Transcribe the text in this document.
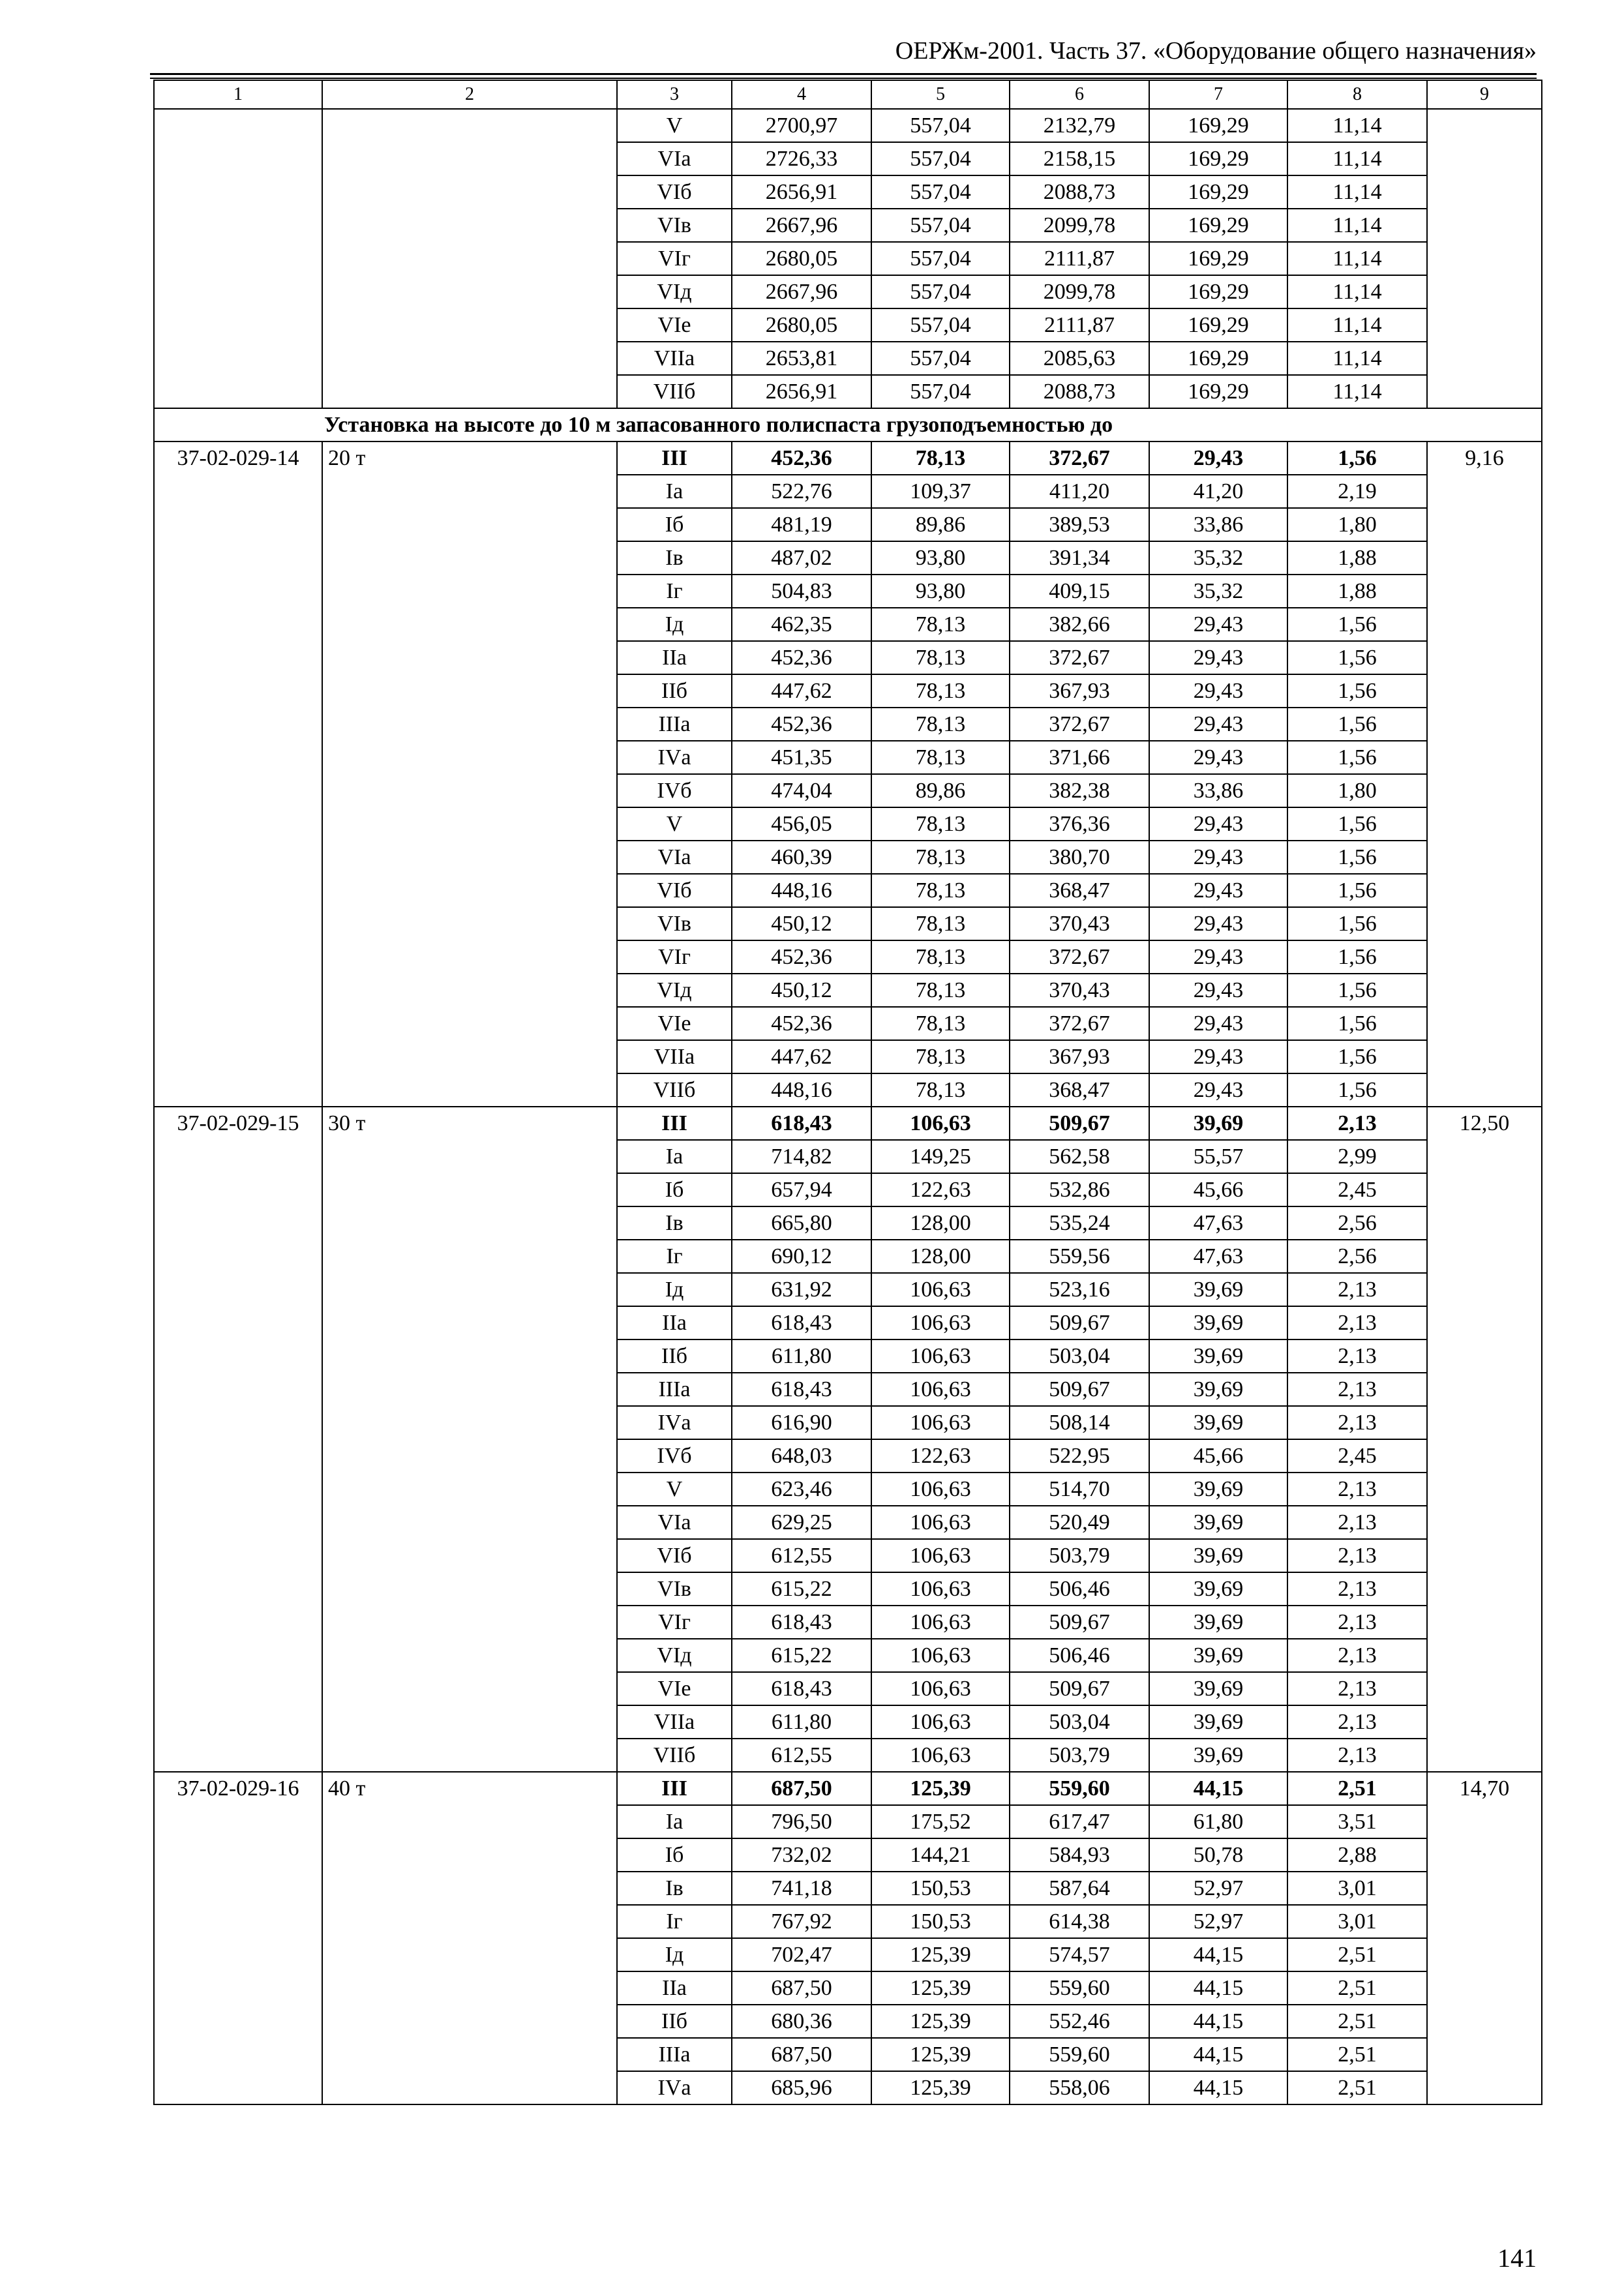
ОЕРЖм-2001. Часть 37. «Оборудование общего назначения»
1	2	3	4	5	6	7	8	9
		V	2700,97	557,04	2132,79	169,29	11,14	
		VIа	2726,33	557,04	2158,15	169,29	11,14	
		VIб	2656,91	557,04	2088,73	169,29	11,14	
		VIв	2667,96	557,04	2099,78	169,29	11,14	
		VIг	2680,05	557,04	2111,87	169,29	11,14	
		VIд	2667,96	557,04	2099,78	169,29	11,14	
		VIе	2680,05	557,04	2111,87	169,29	11,14	
		VIIа	2653,81	557,04	2085,63	169,29	11,14	
		VIIб	2656,91	557,04	2088,73	169,29	11,14	
Установка на высоте до 10 м запасованного полиспаста грузоподъемностью до								
37-02-029-14	20 т	III	452,36	78,13	372,67	29,43	1,56	9,16
		Iа	522,76	109,37	411,20	41,20	2,19	
		Iб	481,19	89,86	389,53	33,86	1,80	
		Iв	487,02	93,80	391,34	35,32	1,88	
		Iг	504,83	93,80	409,15	35,32	1,88	
		Iд	462,35	78,13	382,66	29,43	1,56	
		IIа	452,36	78,13	372,67	29,43	1,56	
		IIб	447,62	78,13	367,93	29,43	1,56	
		IIIа	452,36	78,13	372,67	29,43	1,56	
		IVа	451,35	78,13	371,66	29,43	1,56	
		IVб	474,04	89,86	382,38	33,86	1,80	
		V	456,05	78,13	376,36	29,43	1,56	
		VIа	460,39	78,13	380,70	29,43	1,56	
		VIб	448,16	78,13	368,47	29,43	1,56	
		VIв	450,12	78,13	370,43	29,43	1,56	
		VIг	452,36	78,13	372,67	29,43	1,56	
		VIд	450,12	78,13	370,43	29,43	1,56	
		VIе	452,36	78,13	372,67	29,43	1,56	
		VIIа	447,62	78,13	367,93	29,43	1,56	
		VIIб	448,16	78,13	368,47	29,43	1,56	
37-02-029-15	30 т	III	618,43	106,63	509,67	39,69	2,13	12,50
		Iа	714,82	149,25	562,58	55,57	2,99	
		Iб	657,94	122,63	532,86	45,66	2,45	
		Iв	665,80	128,00	535,24	47,63	2,56	
		Iг	690,12	128,00	559,56	47,63	2,56	
		Iд	631,92	106,63	523,16	39,69	2,13	
		IIа	618,43	106,63	509,67	39,69	2,13	
		IIб	611,80	106,63	503,04	39,69	2,13	
		IIIа	618,43	106,63	509,67	39,69	2,13	
		IVа	616,90	106,63	508,14	39,69	2,13	
		IVб	648,03	122,63	522,95	45,66	2,45	
		V	623,46	106,63	514,70	39,69	2,13	
		VIа	629,25	106,63	520,49	39,69	2,13	
		VIб	612,55	106,63	503,79	39,69	2,13	
		VIв	615,22	106,63	506,46	39,69	2,13	
		VIг	618,43	106,63	509,67	39,69	2,13	
		VIд	615,22	106,63	506,46	39,69	2,13	
		VIе	618,43	106,63	509,67	39,69	2,13	
		VIIа	611,80	106,63	503,04	39,69	2,13	
		VIIб	612,55	106,63	503,79	39,69	2,13	
37-02-029-16	40 т	III	687,50	125,39	559,60	44,15	2,51	14,70
		Iа	796,50	175,52	617,47	61,80	3,51	
		Iб	732,02	144,21	584,93	50,78	2,88	
		Iв	741,18	150,53	587,64	52,97	3,01	
		Iг	767,92	150,53	614,38	52,97	3,01	
		Iд	702,47	125,39	574,57	44,15	2,51	
		IIа	687,50	125,39	559,60	44,15	2,51	
		IIб	680,36	125,39	552,46	44,15	2,51	
		IIIа	687,50	125,39	559,60	44,15	2,51	
		IVа	685,96	125,39	558,06	44,15	2,51	
141
